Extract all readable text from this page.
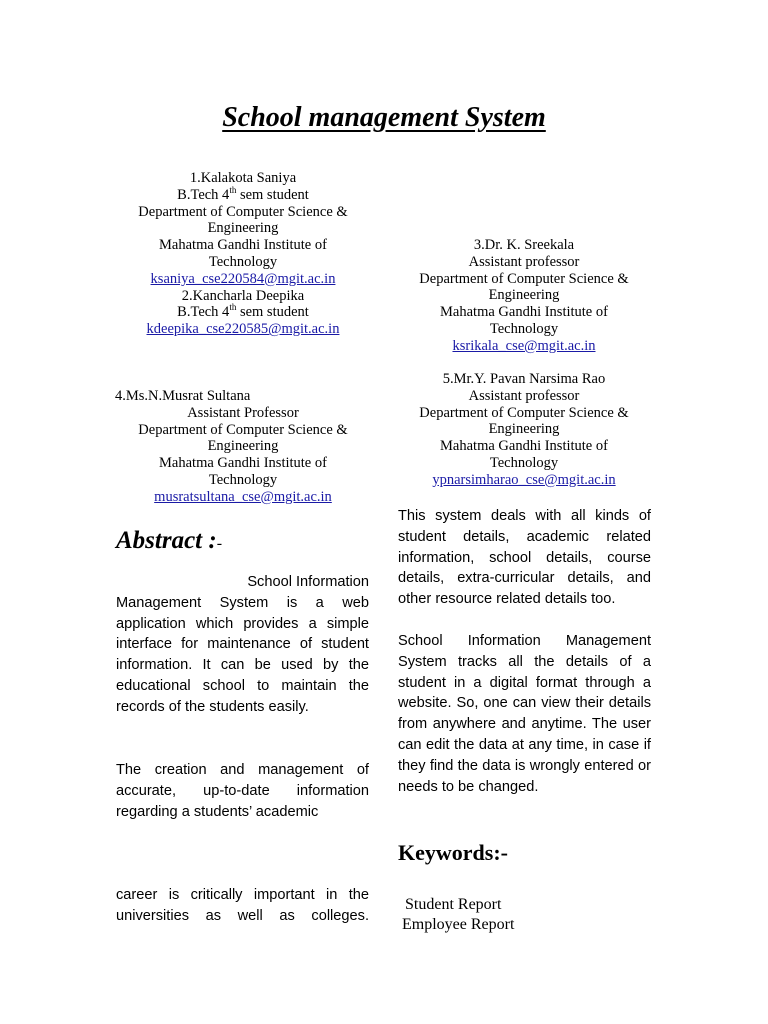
School management System
1.Kalakota Saniya
B.Tech 4th sem student
Department of Computer Science &
Engineering
Mahatma Gandhi Institute of
Technology
ksaniya_cse220584@mgit.ac.in
2.Kancharla Deepika
B.Tech 4th sem student
kdeepika_cse220585@mgit.ac.in
3.Dr. K. Sreekala
Assistant professor
Department of Computer Science &
Engineering
Mahatma Gandhi Institute of
Technology
ksrikala_cse@mgit.ac.in
4.Ms.N.Musrat Sultana
Assistant Professor
Department of Computer Science &
Engineering
Mahatma Gandhi Institute of
Technology
musratsultana_cse@mgit.ac.in
5.Mr.Y. Pavan Narsima Rao
Assistant professor
Department of Computer Science &
Engineering
Mahatma Gandhi Institute of
Technology
ypnarsimharao_cse@mgit.ac.in
Abstract :-
School Information
Management System is a web application which provides a simple interface for maintenance of student information. It can be used by the educational school to maintain the records of the students easily.
The creation and management of accurate, up-to-date information regarding a students’ academic
career is critically important in the universities as well as colleges.
This system deals with all kinds of student details, academic related information, school details, course details, extra-curricular details, and other resource related details too.
School Information Management System tracks all the details of a student in a digital format through a website. So, one can view their details from anywhere and anytime. The user can edit the data at any time, in case if they find the data is wrongly entered or needs to be changed.
Keywords:-
Student Report
Employee Report
